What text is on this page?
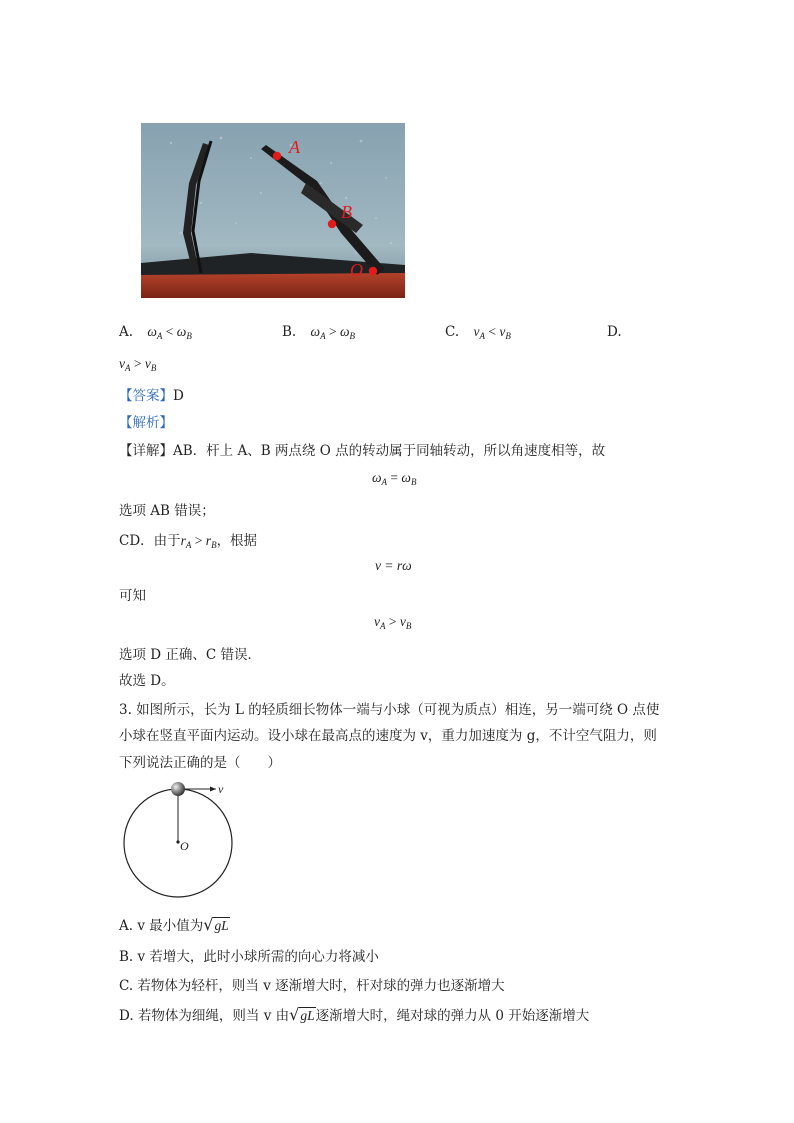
A
B
O
A. $\omega_A < \omega_B$	B. $\omega_A > \omega_B$	C. $v_A < v_B$	D.
$v_A > v_B$
【答案】D
【解析】
【详解】AB．杆上 A、B 两点绕 O 点的转动属于同轴转动，所以角速度相等，故
$\omega_A = \omega_B$
选项 AB 错误；
CD．由于$r_A > r_B$，根据
v = rω
可知
$v_A > v_B$
选项 D 正确、C 错误．
故选 D。
3. 如图所示，长为 L 的轻质细长物体一端与小球（可视为质点）相连，另一端可绕 O 点使
小球在竖直平面内运动。设小球在最高点的速度为 v，重力加速度为 g，不计空气阻力，则
下列说法正确的是（　　）
v
O
A. v 最小值为√gL
B. v 若增大，此时小球所需的向心力将减小
C. 若物体为轻杆，则当 v 逐渐增大时，杆对球的弹力也逐渐增大
D. 若物体为细绳，则当 v 由√gL逐渐增大时，绳对球的弹力从 0 开始逐渐增大
